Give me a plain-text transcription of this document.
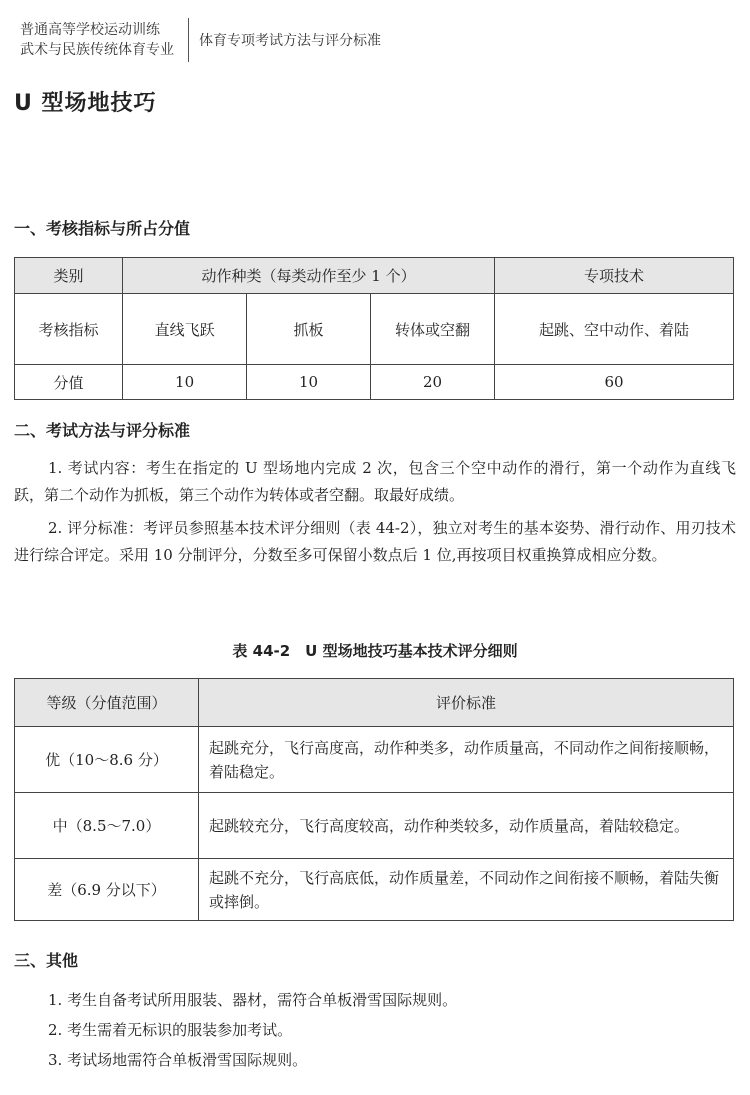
普通高等学校运动训练
武术与民族传统体育专业
体育专项考试方法与评分标准
U 型场地技巧
一、考核指标与所占分值
类别	动作种类（每类动作至少 1 个）			专项技术
考核指标	直线飞跃	抓板	转体或空翻	起跳、空中动作、着陆
分值	10	10	20	60
二、考试方法与评分标准
1. 考试内容：考生在指定的 U 型场地内完成 2 次，包含三个空中动作的滑行，第一个动作为直线飞跃，第二个动作为抓板，第三个动作为转体或者空翻。取最好成绩。
2. 评分标准：考评员参照基本技术评分细则（表 44-2），独立对考生的基本姿势、滑行动作、用刃技术进行综合评定。采用 10 分制评分，分数至多可保留小数点后 1 位,再按项目权重换算成相应分数。
表 44-2　U 型场地技巧基本技术评分细则
等级（分值范围）	评价标准
优（10～8.6 分）	起跳充分，飞行高度高，动作种类多，动作质量高，不同动作之间衔接顺畅，着陆稳定。
中（8.5～7.0）	起跳较充分，飞行高度较高，动作种类较多，动作质量高，着陆较稳定。
差（6.9 分以下）	起跳不充分，飞行高底低，动作质量差，不同动作之间衔接不顺畅，着陆失衡或摔倒。
三、其他
1. 考生自备考试所用服装、器材，需符合单板滑雪国际规则。
2. 考生需着无标识的服装参加考试。
3. 考试场地需符合单板滑雪国际规则。
